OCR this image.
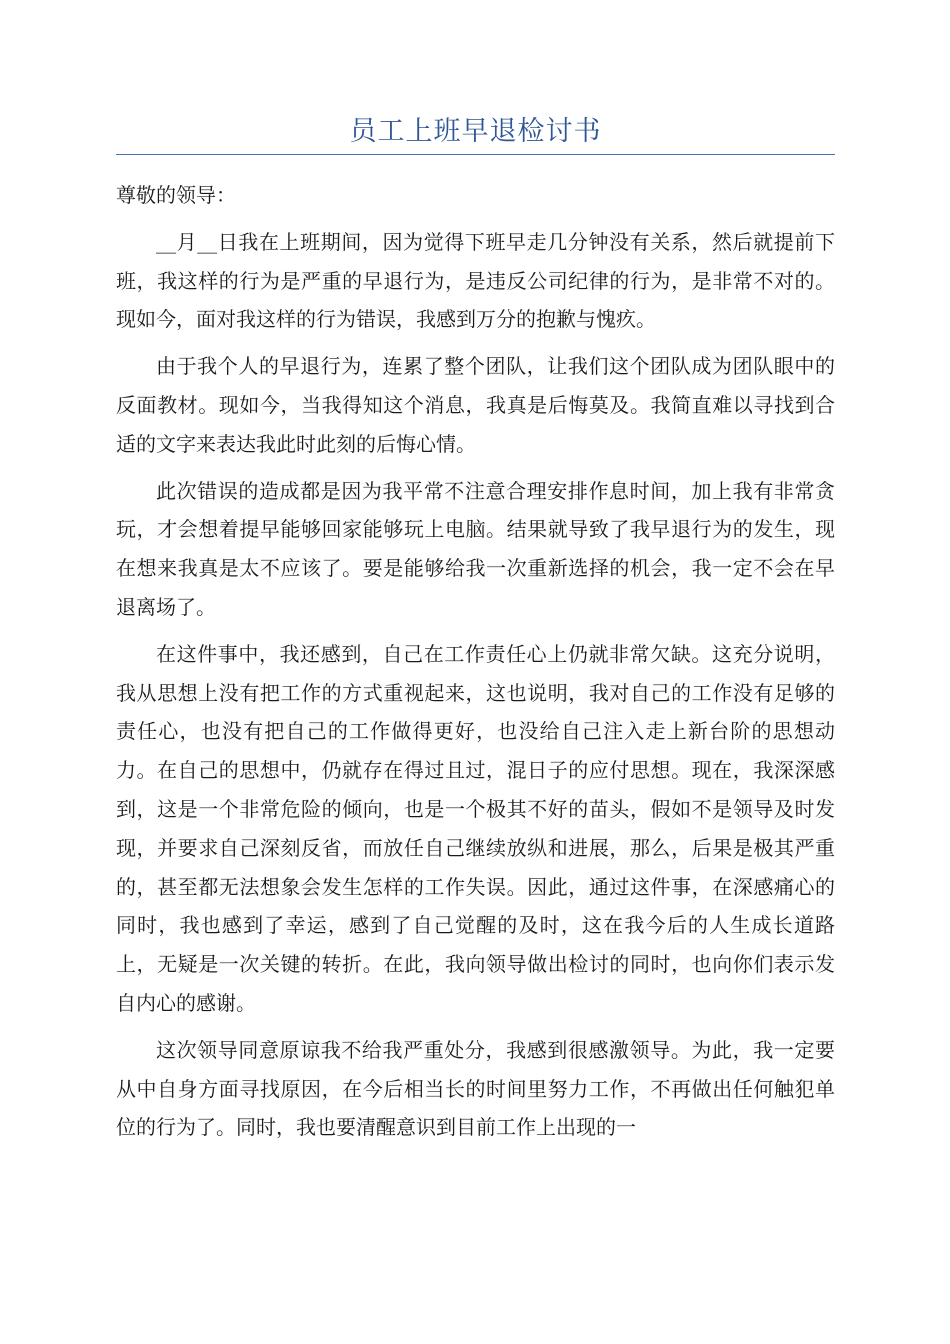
员工上班早退检讨书

尊敬的领导：

__月__日我在上班期间，因为觉得下班早走几分钟没有关系，然后就提前下班，我这样的行为是严重的早退行为，是违反公司纪律的行为，是非常不对的。现如今，面对我这样的行为错误，我感到万分的抱歉与愧疚。

由于我个人的早退行为，连累了整个团队，让我们这个团队成为团队眼中的反面教材。现如今，当我得知这个消息，我真是后悔莫及。我简直难以寻找到合适的文字来表达我此时此刻的后悔心情。

此次错误的造成都是因为我平常不注意合理安排作息时间，加上我有非常贪玩，才会想着提早能够回家能够玩上电脑。结果就导致了我早退行为的发生，现在想来我真是太不应该了。要是能够给我一次重新选择的机会，我一定不会在早退离场了。

在这件事中，我还感到，自己在工作责任心上仍就非常欠缺。这充分说明，我从思想上没有把工作的方式重视起来，这也说明，我对自己的工作没有足够的责任心，也没有把自己的工作做得更好，也没给自己注入走上新台阶的思想动力。在自己的思想中，仍就存在得过且过，混日子的应付思想。现在，我深深感到，这是一个非常危险的倾向，也是一个极其不好的苗头，假如不是领导及时发现，并要求自己深刻反省，而放任自己继续放纵和进展，那么，后果是极其严重的，甚至都无法想象会发生怎样的工作失误。因此，通过这件事，在深感痛心的同时，我也感到了幸运，感到了自己觉醒的及时，这在我今后的人生成长道路上，无疑是一次关键的转折。在此，我向领导做出检讨的同时，也向你们表示发自内心的感谢。

这次领导同意原谅我不给我严重处分，我感到很感激领导。为此，我一定要从中自身方面寻找原因，在今后相当长的时间里努力工作，不再做出任何触犯单位的行为了。同时，我也要清醒意识到目前工作上出现的一
